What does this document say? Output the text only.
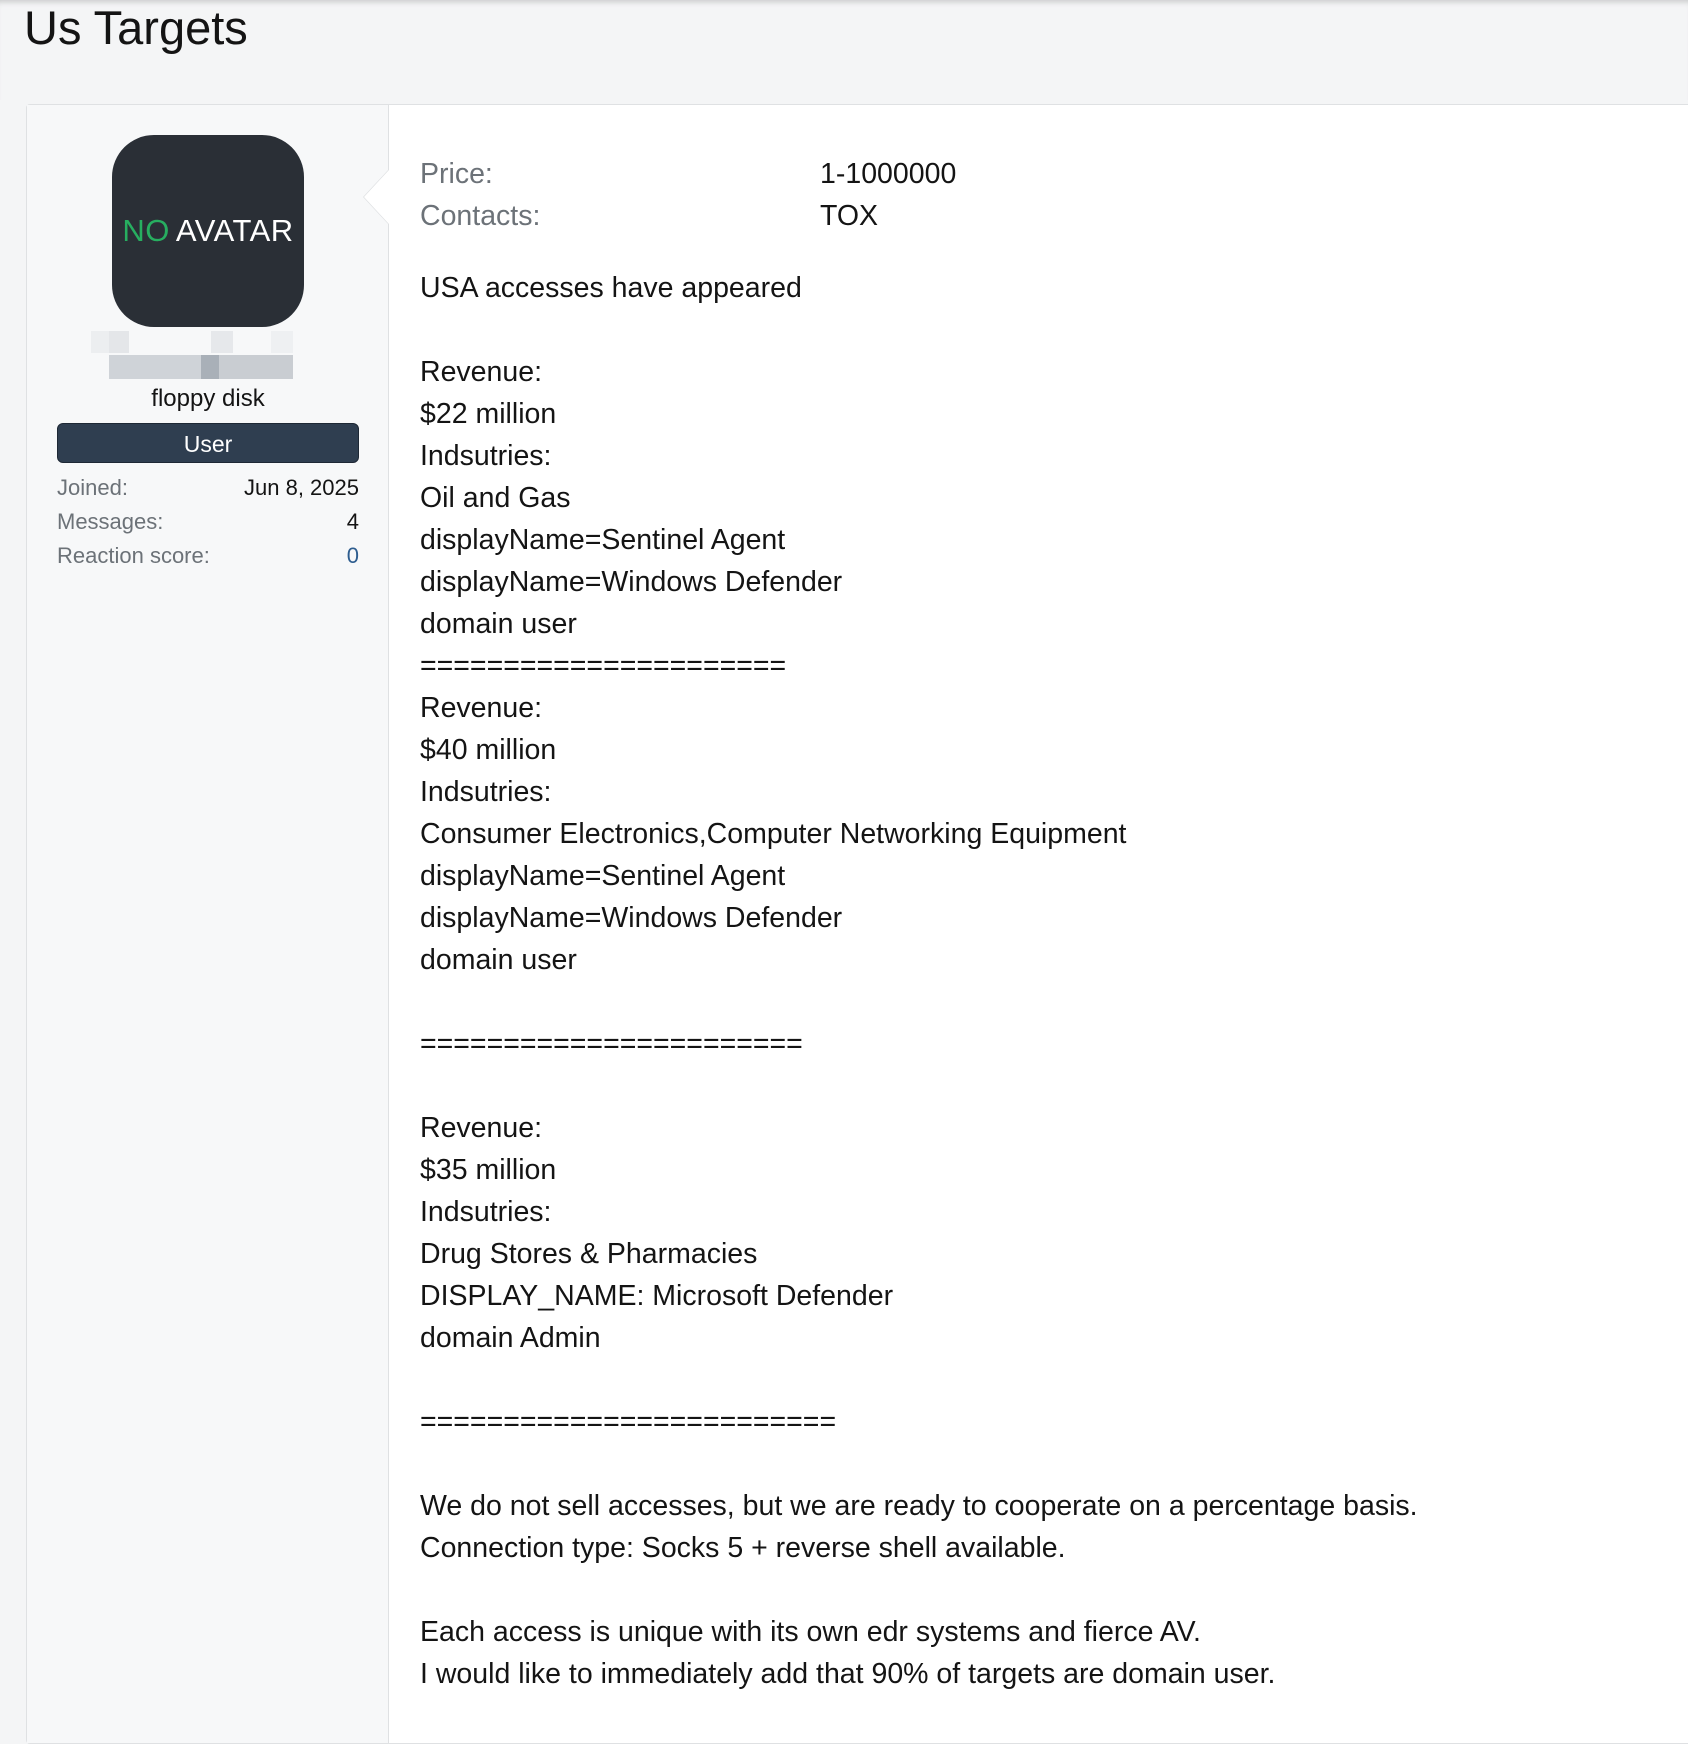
Us Targets
NO AVATAR
floppy disk
User
Joined:	Jun 8, 2025
Messages:	4
Reaction score:	0
Price:	1-1000000
Contacts:	TOX
USA accesses have appeared
Revenue:
$22 million
Indsutries:
Oil and Gas
displayName=Sentinel Agent
displayName=Windows Defender
domain user
======================
Revenue:
$40 million
Indsutries:
Consumer Electronics,Computer Networking Equipment
displayName=Sentinel Agent
displayName=Windows Defender
domain user
=======================
Revenue:
$35 million
Indsutries:
Drug Stores & Pharmacies
DISPLAY_NAME: Microsoft Defender
domain Admin
=========================
We do not sell accesses, but we are ready to cooperate on a percentage basis.
Connection type: Socks 5 + reverse shell available.
Each access is unique with its own edr systems and fierce AV.
I would like to immediately add that 90% of targets are domain user.
